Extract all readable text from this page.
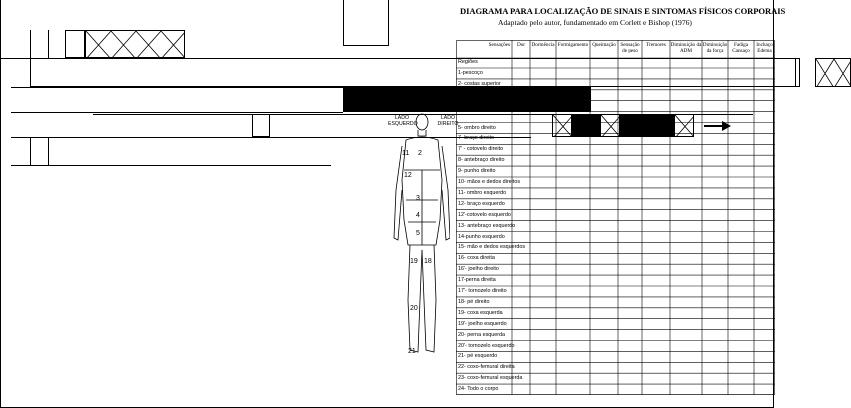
DIAGRAMA PARA LOCALIZAÇÃO DE SINAIS E SINTOMAS FÍSICOS CORPORAIS
Adaptado pelo autor, fundamentado em Corlett e Bishop (1976)
LADO ESQUERDO
LADO DIREITO
2
11
12
3
4
5
19 18
20
21
Sensações
Regiões
Dor	Dormência Formigamento Queimação Sensação de peso
Tremores Diminuição da ADM
Diminuição da força
Fadiga Cansaço
Inchaço Edema
1-pescoço
2- costas superior
3-
4-
5- ombro direito
7- braço direito
7' - cotovelo direito
8- antebraço direito
9- punho direito
10- mãos e dedos direitos
11- ombro esquerdo
12- braço esquerdo
12'-cotovelo esquerdo
13- antebraço esquerdo
14-punho esquerdo
15- mão e dedos esquerdos
16- coxa direita
16'- joelho direito
17-perna direita
17'- tornozelo direito
18- pé direito
19- coxa esquerda
19'- joelho esquerdo
20- perna esquerda
20'- tornozelo esquerdo
21- pé esquerdo
22- coxo-femural direita
23- coxo-femural esquerda
24- Todo o corpo
